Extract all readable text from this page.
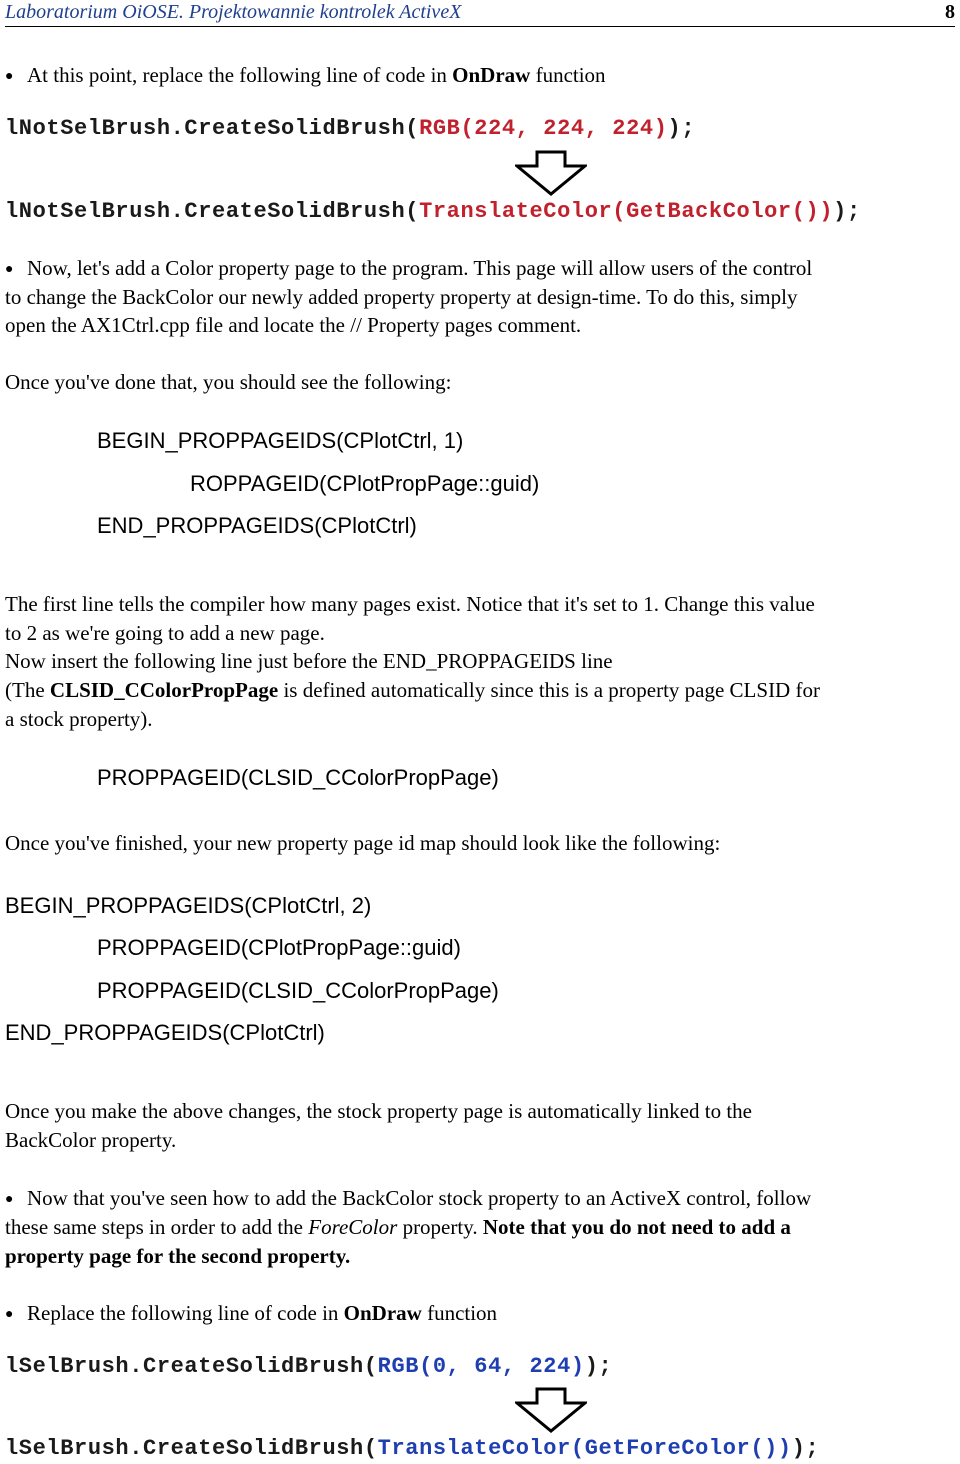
Laboratorium OiOSE. Projektowannie kontrolek ActiveX	8
● At this point, replace the following line of code in OnDraw function
lNotSelBrush.CreateSolidBrush(RGB(224, 224, 224));
lNotSelBrush.CreateSolidBrush(TranslateColor(GetBackColor()));
● Now, let's add a Color property page to the program. This page will allow users of the control
to change the BackColor our newly added property property at design-time. To do this, simply
open the AX1Ctrl.cpp file and locate the // Property pages comment.
Once you've done that, you should see the following:
BEGIN_PROPPAGEIDS(CPlotCtrl, 1)
ROPPAGEID(CPlotPropPage::guid)
END_PROPPAGEIDS(CPlotCtrl)
The first line tells the compiler how many pages exist. Notice that it's set to 1. Change this value
to 2 as we're going to add a new page.
Now insert the following line just before the END_PROPPAGEIDS line
(The CLSID_CColorPropPage is defined automatically since this is a property page CLSID for
a stock property).
PROPPAGEID(CLSID_CColorPropPage)
Once you've finished, your new property page id map should look like the following:
BEGIN_PROPPAGEIDS(CPlotCtrl, 2)
PROPPAGEID(CPlotPropPage::guid)
PROPPAGEID(CLSID_CColorPropPage)
END_PROPPAGEIDS(CPlotCtrl)
Once you make the above changes, the stock property page is automatically linked to the
BackColor property.
● Now that you've seen how to add the BackColor stock property to an ActiveX control, follow
these same steps in order to add the ForeColor property. Note that you do not need to add a
property page for the second property.
● Replace the following line of code in OnDraw function
lSelBrush.CreateSolidBrush(RGB(0, 64, 224));
lSelBrush.CreateSolidBrush(TranslateColor(GetForeColor()));
